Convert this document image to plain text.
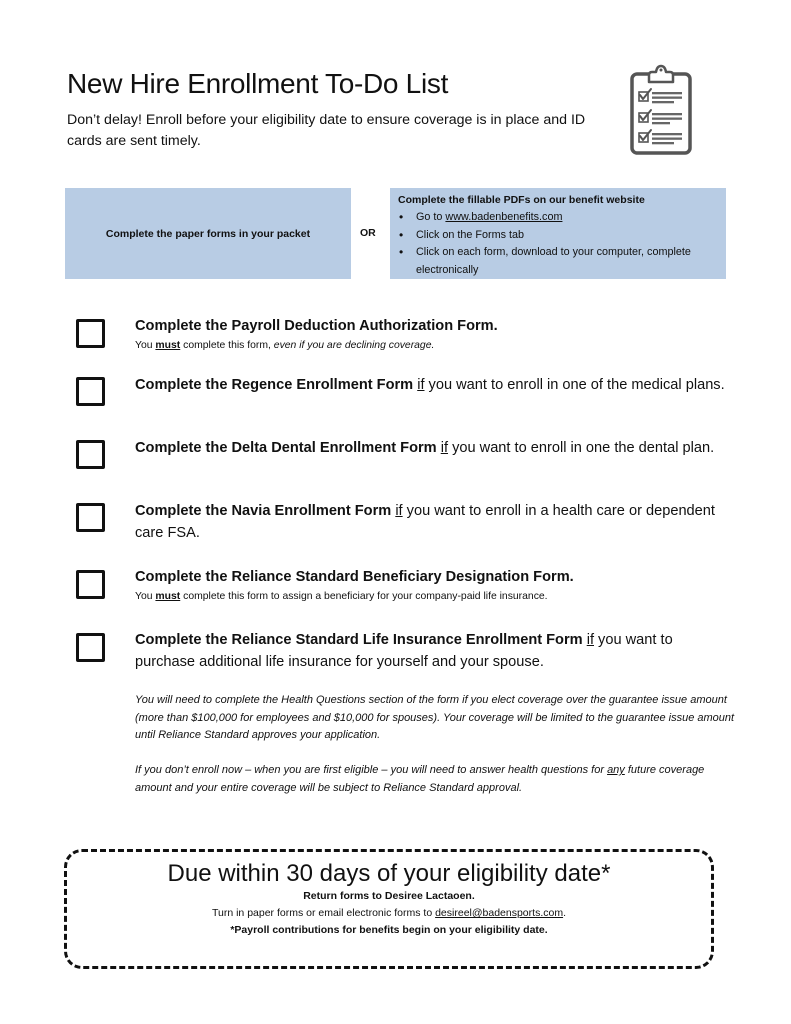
New Hire Enrollment To-Do List

Don’t delay! Enroll before your eligibility date to ensure coverage is in place and ID cards are sent timely.

Complete the paper forms in your packet	OR
Complete the fillable PDFs on our benefit website
• Go to www.badenbenefits.com
• Click on the Forms tab
• Click on each form, download to your computer, complete electronically
Complete the Payroll Deduction Authorization Form.
You must complete this form, even if you are declining coverage.
Complete the Regence Enrollment Form if you want to enroll in one of the medical plans.
Complete the Delta Dental Enrollment Form if you want to enroll in one the dental plan.
Complete the Navia Enrollment Form if you want to enroll in a health care or dependent care FSA.
Complete the Reliance Standard Beneficiary Designation Form.
You must complete this form to assign a beneficiary for your company-paid life insurance.
Complete the Reliance Standard Life Insurance Enrollment Form if you want to purchase additional life insurance for yourself and your spouse.

You will need to complete the Health Questions section of the form if you elect coverage over the guarantee issue amount (more than $100,000 for employees and $10,000 for spouses). Your coverage will be limited to the guarantee issue amount until Reliance Standard approves your application.

If you don’t enroll now – when you are first eligible – you will need to answer health questions for any future coverage amount and your entire coverage will be subject to Reliance Standard approval.

Due within 30 days of your eligibility date*
Return forms to Desiree Lactaoen.
Turn in paper forms or email electronic forms to desireel@badensports.com.
*Payroll contributions for benefits begin on your eligibility date.
